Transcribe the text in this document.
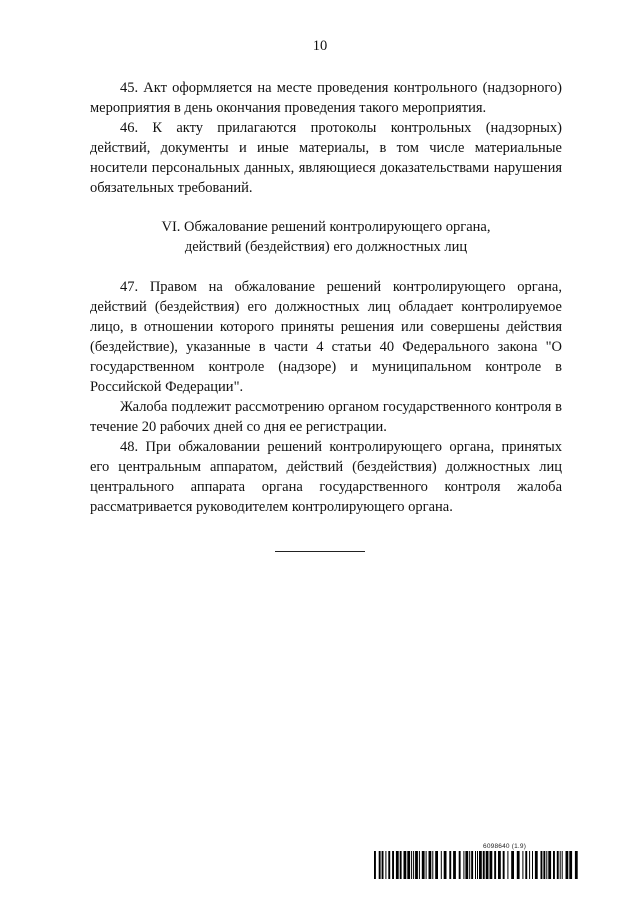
10

45. Акт оформляется на месте проведения контрольного (надзорного) мероприятия в день окончания проведения такого мероприятия.

46. К акту прилагаются протоколы контрольных (надзорных) действий, документы и иные материалы, в том числе материальные носители персональных данных, являющиеся доказательствами нарушения обязательных требований.

VI. Обжалование решений контролирующего органа,
действий (бездействия) его должностных лиц

47. Правом на обжалование решений контролирующего органа, действий (бездействия) его должностных лиц обладает контролируемое лицо, в отношении которого приняты решения или совершены действия (бездействие), указанные в части 4 статьи 40 Федерального закона "О государственном контроле (надзоре) и муниципальном контроле в Российской Федерации".

Жалоба подлежит рассмотрению органом государственного контроля в течение 20 рабочих дней со дня ее регистрации.

48. При обжаловании решений контролирующего органа, принятых его центральным аппаратом, действий (бездействия) должностных лиц центрального аппарата органа государственного контроля жалоба рассматривается руководителем контролирующего органа.

6098640 (1.9)
